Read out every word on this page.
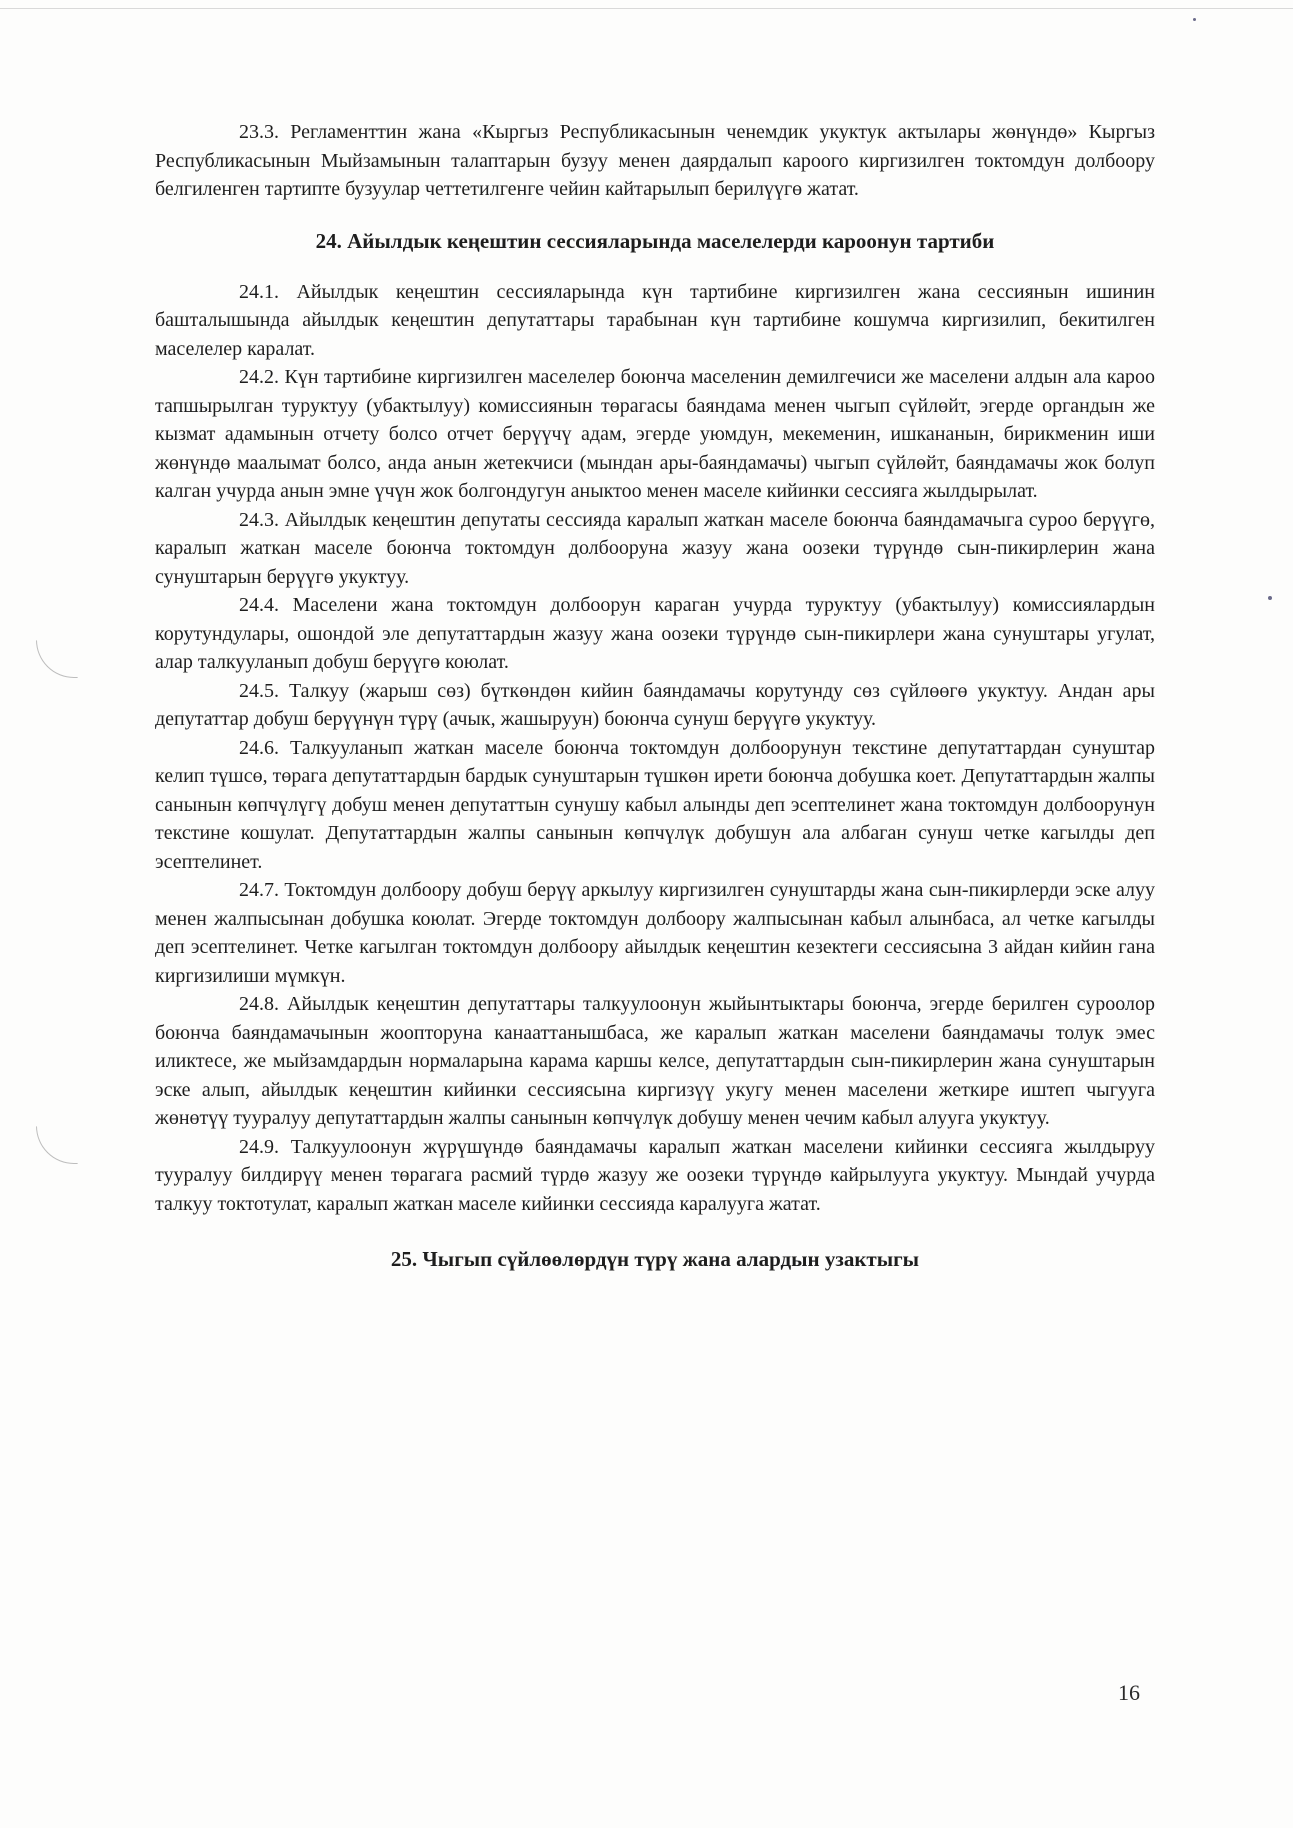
23.3. Регламенттин жана «Кыргыз Республикасынын ченемдик укуктук актылары жөнүндө» Кыргыз Республикасынын Мыйзамынын талаптарын бузуу менен даярдалып кароого киргизилген токтомдун долбоору белгиленген тартипте бузуулар четтетилгенге чейин кайтарылып берилүүгө жатат.

24. Айылдык кеңештин сессияларында маселелерди кароонун тартиби

24.1. Айылдык кеңештин сессияларында күн тартибине киргизилген жана сессиянын ишинин башталышында айылдык кеңештин депутаттары тарабынан күн тартибине кошумча киргизилип, бекитилген маселелер каралат.

24.2. Күн тартибине киргизилген маселелер боюнча маселенин демилгечиси же маселени алдын ала кароо тапшырылган туруктуу (убактылуу) комиссиянын төрагасы баяндама менен чыгып сүйлөйт, эгерде органдын же кызмат адамынын отчету болсо отчет берүүчү адам, эгерде уюмдун, мекеменин, ишкананын, бирикменин иши жөнүндө маалымат болсо, анда анын жетекчиси (мындан ары-баяндамачы) чыгып сүйлөйт, баяндамачы жок болуп калган учурда анын эмне үчүн жок болгондугун аныктоо менен маселе кийинки сессияга жылдырылат.

24.3. Айылдык кеңештин депутаты сессияда каралып жаткан маселе боюнча баяндамачыга суроо берүүгө, каралып жаткан маселе боюнча токтомдун долбооруна жазуу жана оозеки түрүндө сын-пикирлерин жана сунуштарын берүүгө укуктуу.

24.4. Маселени жана токтомдун долбоорун караган учурда туруктуу (убактылуу) комиссиялардын корутундулары, ошондой эле депутаттардын жазуу жана оозеки түрүндө сын-пикирлери жана сунуштары угулат, алар талкууланып добуш берүүгө коюлат.

24.5. Талкуу (жарыш сөз) бүткөндөн кийин баяндамачы корутунду сөз сүйлөөгө укуктуу. Андан ары депутаттар добуш берүүнүн түрү (ачык, жашыруун) боюнча сунуш берүүгө укуктуу.

24.6. Талкууланып жаткан маселе боюнча токтомдун долбоорунун текстине депутаттардан сунуштар келип түшсө, төрага депутаттардын бардык сунуштарын түшкөн ирети боюнча добушка коет. Депутаттардын жалпы санынын көпчүлүгү добуш менен депутаттын сунушу кабыл алынды деп эсептелинет жана токтомдун долбоорунун текстине кошулат. Депутаттардын жалпы санынын көпчүлүк добушун ала албаган сунуш четке кагылды деп эсептелинет.

24.7. Токтомдун долбоору добуш берүү аркылуу киргизилген сунуштарды жана сын-пикирлерди эске алуу менен жалпысынан добушка коюлат. Эгерде токтомдун долбоору жалпысынан кабыл алынбаса, ал четке кагылды деп эсептелинет. Четке кагылган токтомдун долбоору айылдык кеңештин кезектеги сессиясына 3 айдан кийин гана киргизилиши мүмкүн.

24.8. Айылдык кеңештин депутаттары талкуулоонун жыйынтыктары боюнча, эгерде берилген суроолор боюнча баяндамачынын жоопторуна канааттанышбаса, же каралып жаткан маселени баяндамачы толук эмес иликтесе, же мыйзамдардын нормаларына карама каршы келсе, депутаттардын сын-пикирлерин жана сунуштарын эске алып, айылдык кеңештин кийинки сессиясына киргизүү укугу менен маселени жеткире иштеп чыгууга жөнөтүү тууралуу депутаттардын жалпы санынын көпчүлүк добушу менен чечим кабыл алууга укуктуу.

24.9. Талкуулоонун жүрүшүндө баяндамачы каралып жаткан маселени кийинки сессияга жылдыруу тууралуу билдирүү менен төрагага расмий түрдө жазуу же оозеки түрүндө кайрылууга укуктуу. Мындай учурда талкуу токтотулат, каралып жаткан маселе кийинки сессияда каралууга жатат.

25. Чыгып сүйлөөлөрдүн түрү жана алардын узактыгы
16
